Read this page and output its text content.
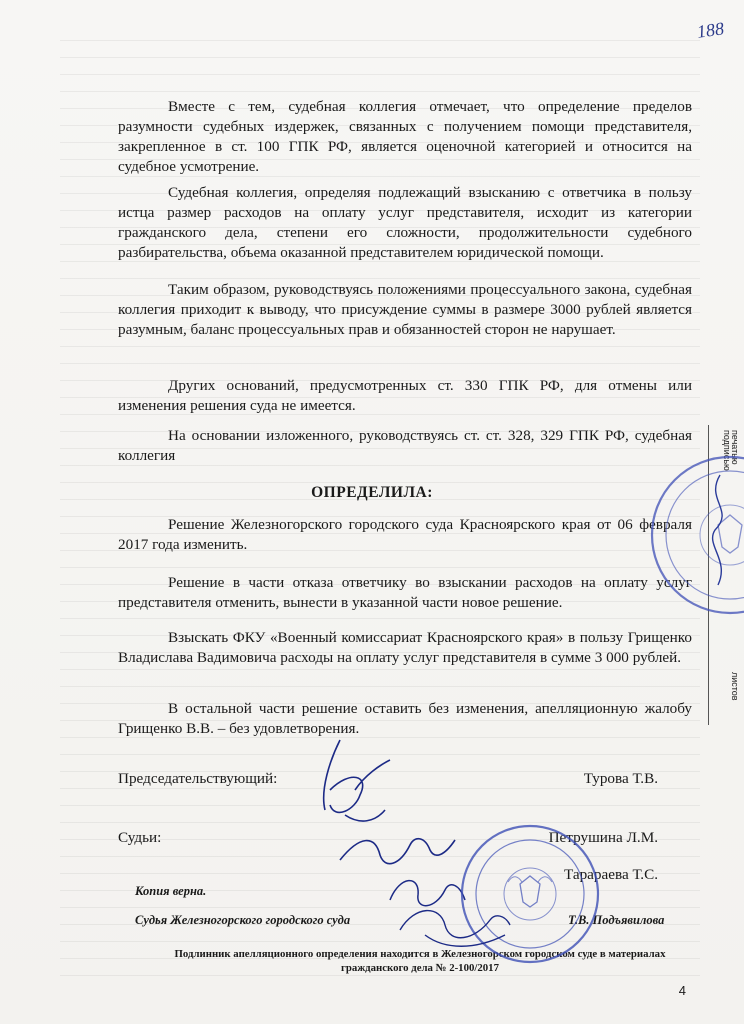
188

Вместе с тем, судебная коллегия отмечает, что определение пределов разумности судебных издержек, связанных с получением помощи представителя, закрепленное в ст. 100 ГПК РФ, является оценочной категорией и относится на судебное усмотрение.

Судебная коллегия, определяя подлежащий взысканию с ответчика в пользу истца размер расходов на оплату услуг представителя, исходит из категории гражданского дела, степени его сложности, продолжительности судебного разбирательства, объема оказанной представителем юридической помощи.

Таким образом, руководствуясь положениями процессуального закона, судебная коллегия приходит к выводу, что присуждение суммы в размере 3000 рублей является разумным, баланс процессуальных прав и обязанностей сторон не нарушает.

Других оснований, предусмотренных ст. 330 ГПК РФ, для отмены или изменения решения суда не имеется.

На основании изложенного, руководствуясь ст. ст. 328, 329 ГПК РФ, судебная коллегия

ОПРЕДЕЛИЛА:

Решение Железногорского городского суда Красноярского края от 06 февраля 2017 года изменить.

Решение в части отказа ответчику во взыскании расходов на оплату услуг представителя отменить, вынести в указанной части новое решение.

Взыскать ФКУ «Военный комиссариат Красноярского края» в пользу Грищенко Владислава Вадимовича расходы на оплату услуг представителя в сумме 3 000 рублей.

В остальной части решение оставить без изменения, апелляционную жалобу Грищенко В.В. – без удовлетворения.

Председательствующий:	Турова Т.В.
Судьи:	Петрушина Л.М.
Тарараева Т.С.
Копия верна.
Судья Железногорского городского суда	Т.В. Подъявилова

Подлинник апелляционного определения находится в Железногорском городском суде в материалах гражданского дела № 2-100/2017

4
печатью
подписью
листов
